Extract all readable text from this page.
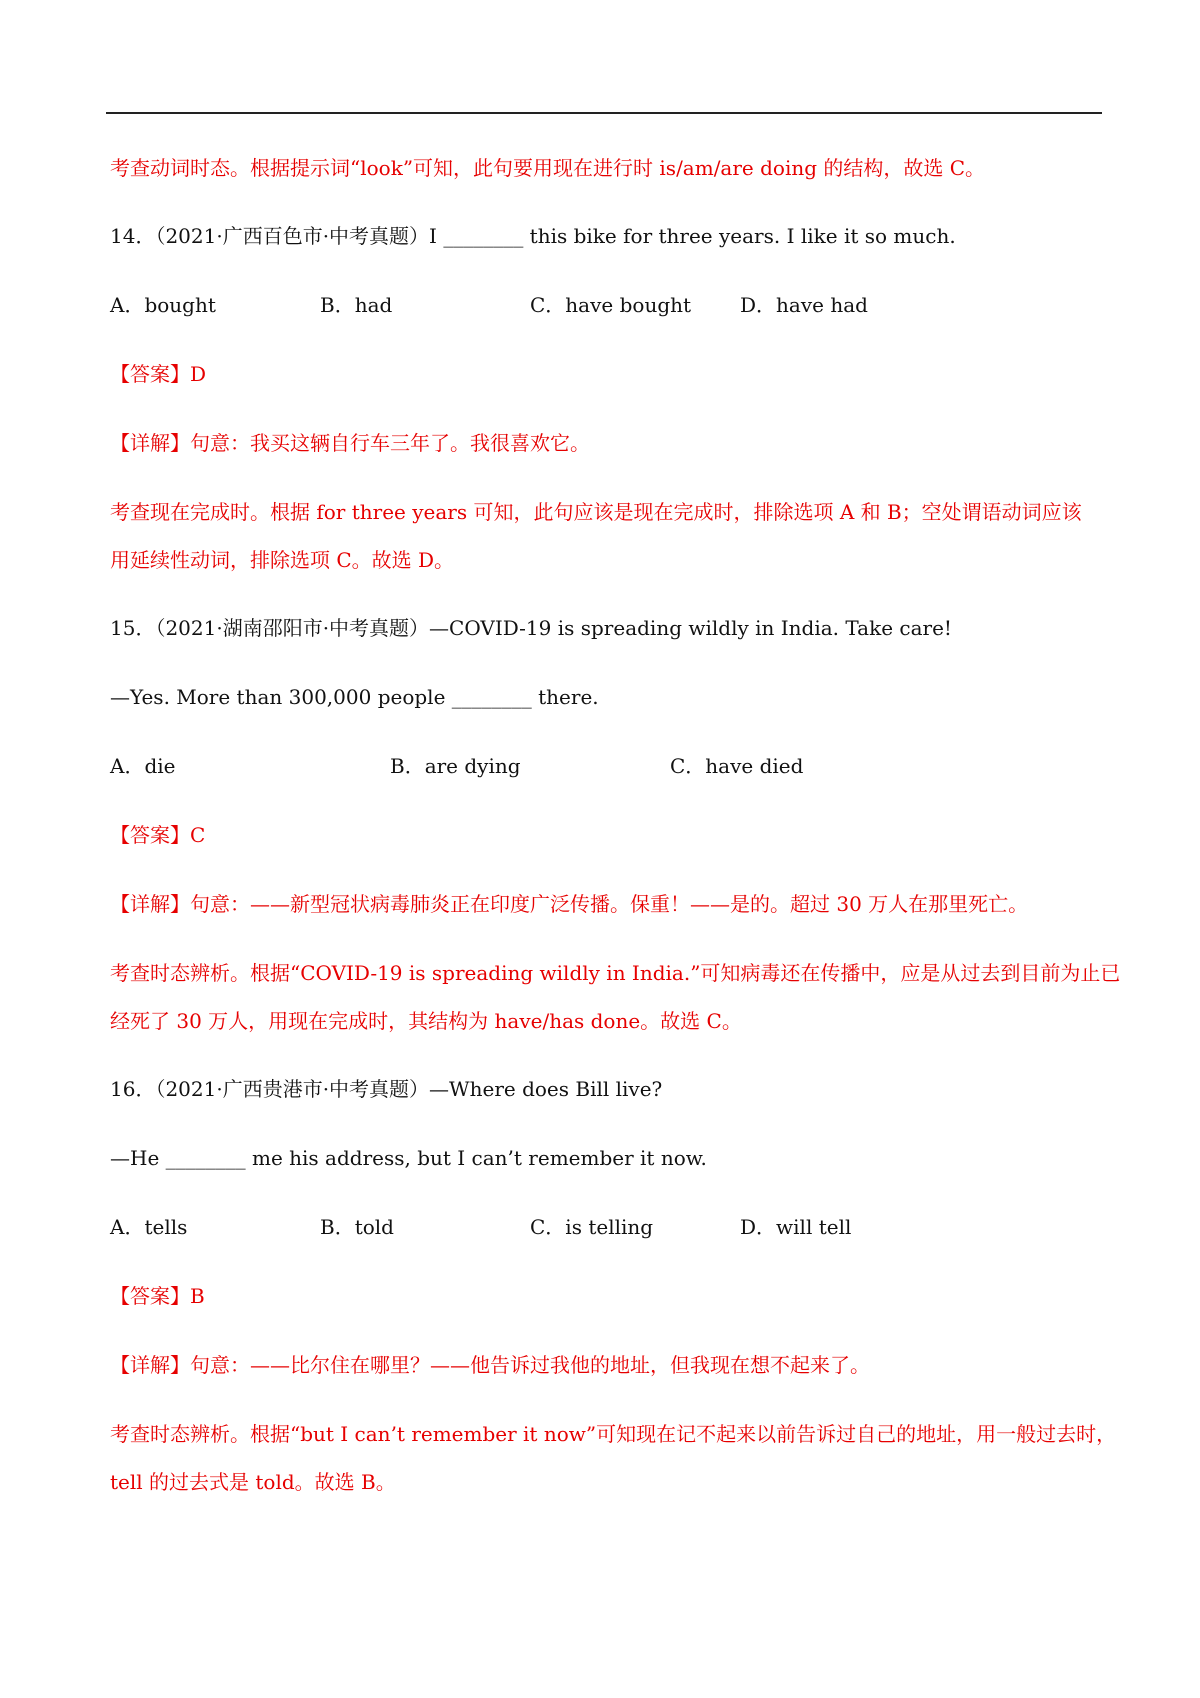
考查动词时态。根据提示词“look”可知，此句要用现在进行时 is/am/are doing 的结构，故选 C。
14．（2021·广西百色市·中考真题）I ________ this bike for three years. I like it so much.
A．bought	B．had	C．have bought D．have had
【答案】D
【详解】句意：我买这辆自行车三年了。我很喜欢它。
考查现在完成时。根据 for three years 可知，此句应该是现在完成时，排除选项 A 和 B；空处谓语动词应该
用延续性动词，排除选项 C。故选 D。
15．（2021·湖南邵阳市·中考真题）—COVID-19 is spreading wildly in India. Take care!
—Yes. More than 300,000 people ________ there.
A．die	B．are dying	C．have died
【答案】C
【详解】句意：——新型冠状病毒肺炎正在印度广泛传播。保重！——是的。超过 30 万人在那里死亡。
考查时态辨析。根据“COVID-19 is spreading wildly in India.”可知病毒还在传播中，应是从过去到目前为止已
经死了 30 万人，用现在完成时，其结构为 have/has done。故选 C。
16．（2021·广西贵港市·中考真题）—Where does Bill live?
—He ________ me his address, but I can’t remember it now.
A．tells	B．told	C．is telling	D．will tell
【答案】B
【详解】句意：——比尔住在哪里？——他告诉过我他的地址，但我现在想不起来了。
考查时态辨析。根据“but I can’t remember it now”可知现在记不起来以前告诉过自己的地址，用一般过去时，
tell 的过去式是 told。故选 B。
